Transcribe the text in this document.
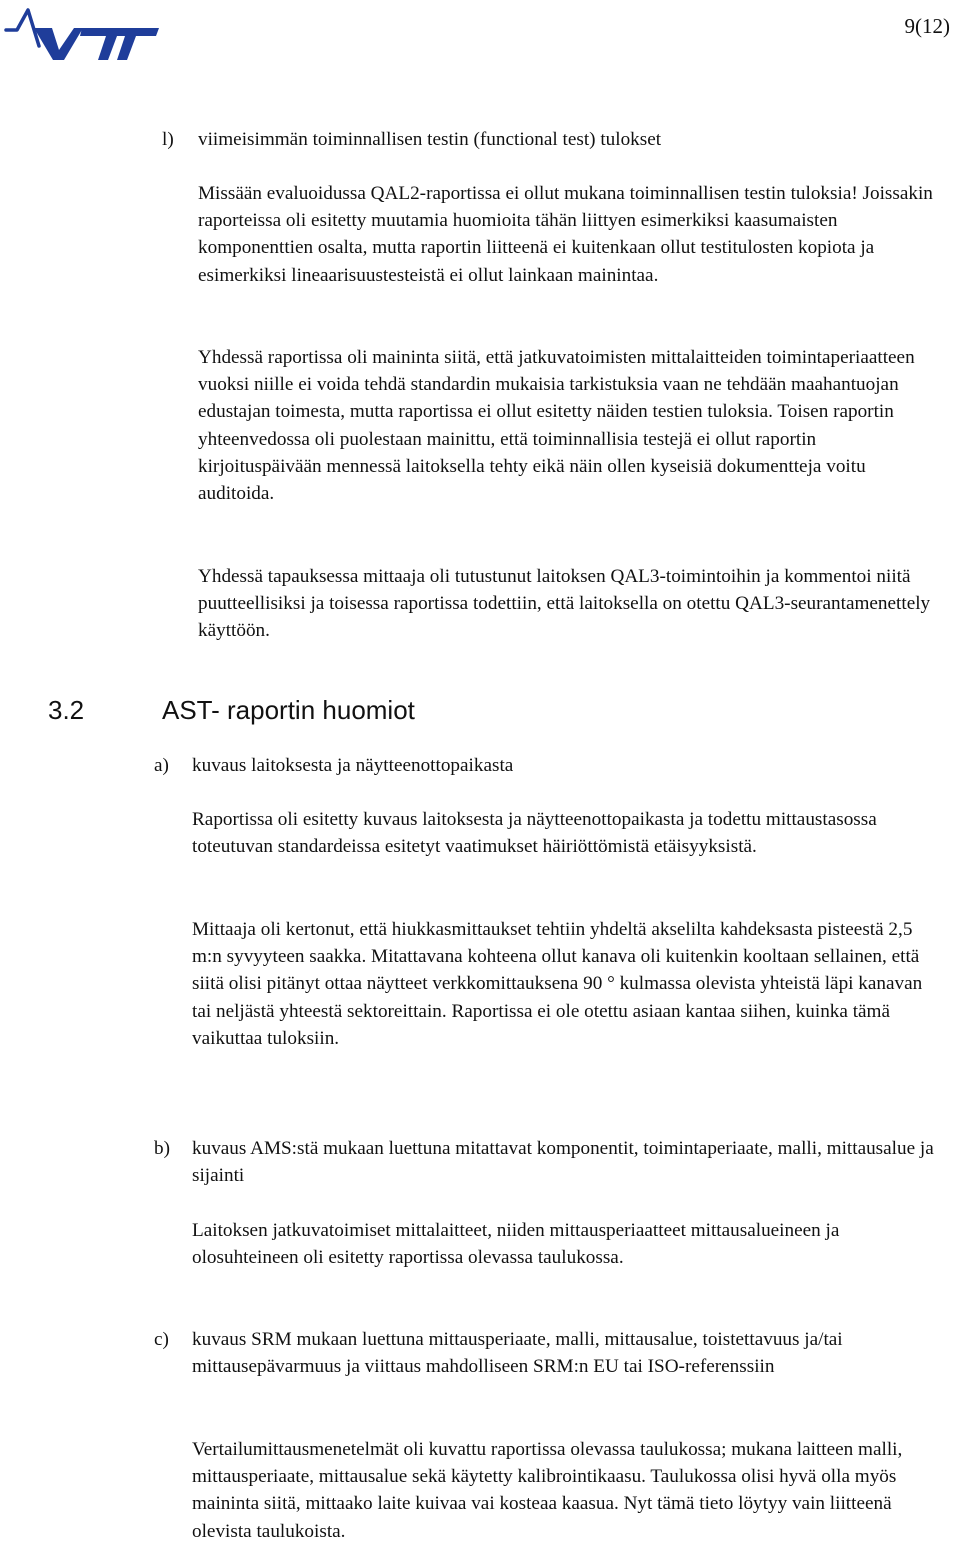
9(12)
l) viimeisimmän toiminnallisen testin (functional test) tulokset

Missään evaluoidussa QAL2-raportissa ei ollut mukana toiminnallisen testin tuloksia! Joissakin raporteissa oli esitetty muutamia huomioita tähän liittyen esimerkiksi kaasumaisten komponenttien osalta, mutta raportin liitteenä ei kuitenkaan ollut testitulosten kopiota ja esimerkiksi lineaarisuustesteistä ei ollut lainkaan mainintaa.

Yhdessä raportissa oli maininta siitä, että jatkuvatoimisten mittalaitteiden toimintaperiaatteen vuoksi niille ei voida tehdä standardin mukaisia tarkistuksia vaan ne tehdään maahantuojan edustajan toimesta, mutta raportissa ei ollut esitetty näiden testien tuloksia. Toisen raportin yhteenvedossa oli puolestaan mainittu, että toiminnallisia testejä ei ollut raportin kirjoituspäivään mennessä laitoksella tehty eikä näin ollen kyseisiä dokumentteja voitu auditoida.

Yhdessä tapauksessa mittaaja oli tutustunut laitoksen QAL3-toimintoihin ja kommentoi niitä puutteellisiksi ja toisessa raportissa todettiin, että laitoksella on otettu QAL3-seurantamenettely käyttöön.

3.2	AST- raportin huomiot
a) kuvaus laitoksesta ja näytteenottopaikasta

Raportissa oli esitetty kuvaus laitoksesta ja näytteenottopaikasta ja todettu mittaustasossa toteutuvan standardeissa esitetyt vaatimukset häiriöttömistä etäisyyksistä.

Mittaaja oli kertonut, että hiukkasmittaukset tehtiin yhdeltä akselilta kahdeksasta pisteestä 2,5 m:n syvyyteen saakka. Mitattavana kohteena ollut kanava oli kuitenkin kooltaan sellainen, että siitä olisi pitänyt ottaa näytteet verkkomittauksena 90 ° kulmassa olevista yhteistä läpi kanavan tai neljästä yhteestä sektoreittain. Raportissa ei ole otettu asiaan kantaa siihen, kuinka tämä vaikuttaa tuloksiin.

b) kuvaus AMS:stä mukaan luettuna mitattavat komponentit, toimintaperiaate, malli, mittausalue ja sijainti

Laitoksen jatkuvatoimiset mittalaitteet, niiden mittausperiaatteet mittausalueineen ja olosuhteineen oli esitetty raportissa olevassa taulukossa.

c) kuvaus SRM mukaan luettuna mittausperiaate, malli, mittausalue, toistettavuus ja/tai mittausepävarmuus ja viittaus mahdolliseen SRM:n EU tai ISO-referenssiin

Vertailumittausmenetelmät oli kuvattu raportissa olevassa taulukossa; mukana laitteen malli, mittausperiaate, mittausalue sekä käytetty kalibrointikaasu. Taulukossa olisi hyvä olla myös maininta siitä, mittaako laite kuivaa vai kosteaa kaasua. Nyt tämä tieto löytyy vain liitteenä olevista taulukoista.
